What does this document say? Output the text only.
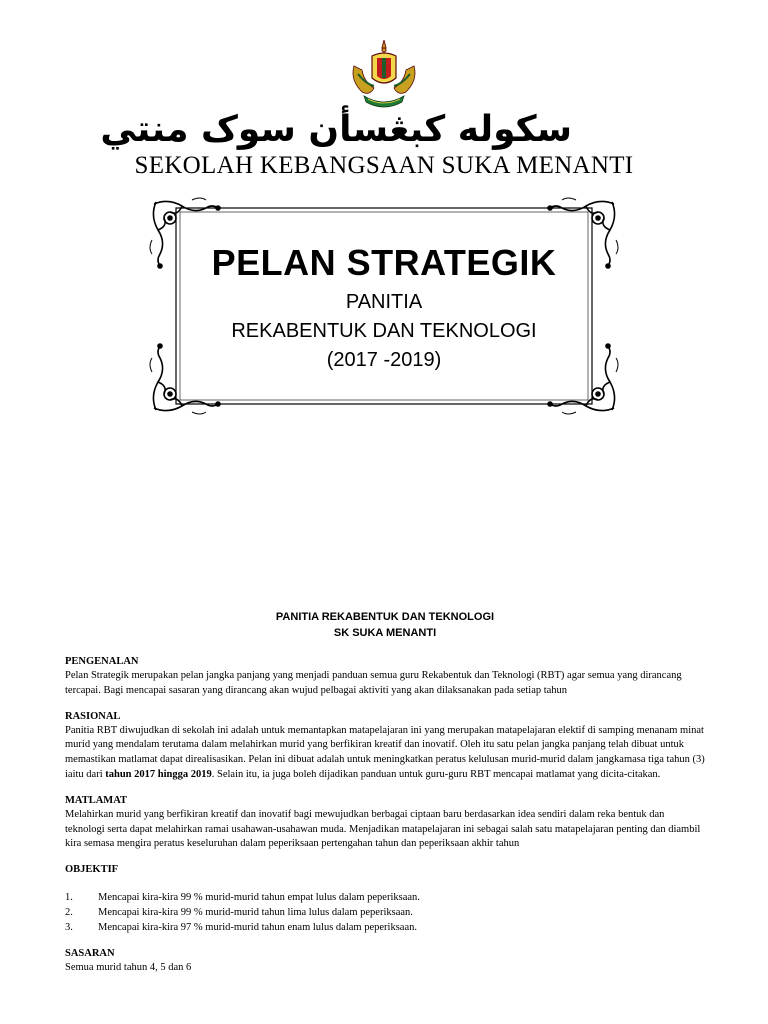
سکوله کبڠسأن سوک منتي
SEKOLAH KEBANGSAAN SUKA MENANTI
PELAN STRATEGIK
PANITIA
REKABENTUK DAN TEKNOLOGI
(2017 -2019)
PANITIA REKABENTUK DAN TEKNOLOGI
SK SUKA MENANTI
PENGENALAN
Pelan Strategik merupakan pelan jangka panjang yang menjadi panduan semua guru Rekabentuk dan Teknologi (RBT) agar semua yang dirancang tercapai. Bagi mencapai sasaran yang dirancang akan wujud pelbagai aktiviti yang akan dilaksanakan pada setiap tahun
RASIONAL
Panitia RBT diwujudkan di sekolah ini adalah untuk memantapkan matapelajaran ini yang merupakan matapelajaran elektif di samping menanam minat murid yang mendalam terutama dalam melahirkan murid yang berfikiran kreatif dan inovatif. Oleh itu satu pelan jangka panjang telah dibuat untuk memastikan matlamat dapat direalisasikan. Pelan ini dibuat adalah untuk meningkatkan peratus kelulusan murid-murid dalam jangkamasa tiga tahun (3) iaitu dari tahun 2017 hingga 2019. Selain itu, ia juga boleh dijadikan panduan untuk guru-guru RBT mencapai matlamat yang dicita-citakan.
MATLAMAT
Melahirkan murid yang berfikiran kreatif dan inovatif bagi mewujudkan berbagai ciptaan baru berdasarkan idea sendiri dalam reka bentuk dan teknologi serta dapat melahirkan ramai usahawan-usahawan muda. Menjadikan matapelajaran ini sebagai salah satu matapelajaran penting dan diambil kira semasa mengira peratus keseluruhan dalam peperiksaan pertengahan tahun dan peperiksaan akhir tahun
OBJEKTIF
1.	Mencapai kira-kira 99 % murid-murid tahun empat lulus dalam peperiksaan.
2.	Mencapai kira-kira 99 % murid-murid tahun lima lulus dalam peperiksaan.
3.	Mencapai kira-kira 97 % murid-murid tahun enam lulus dalam peperiksaan.
SASARAN
Semua murid tahun 4, 5 dan 6
